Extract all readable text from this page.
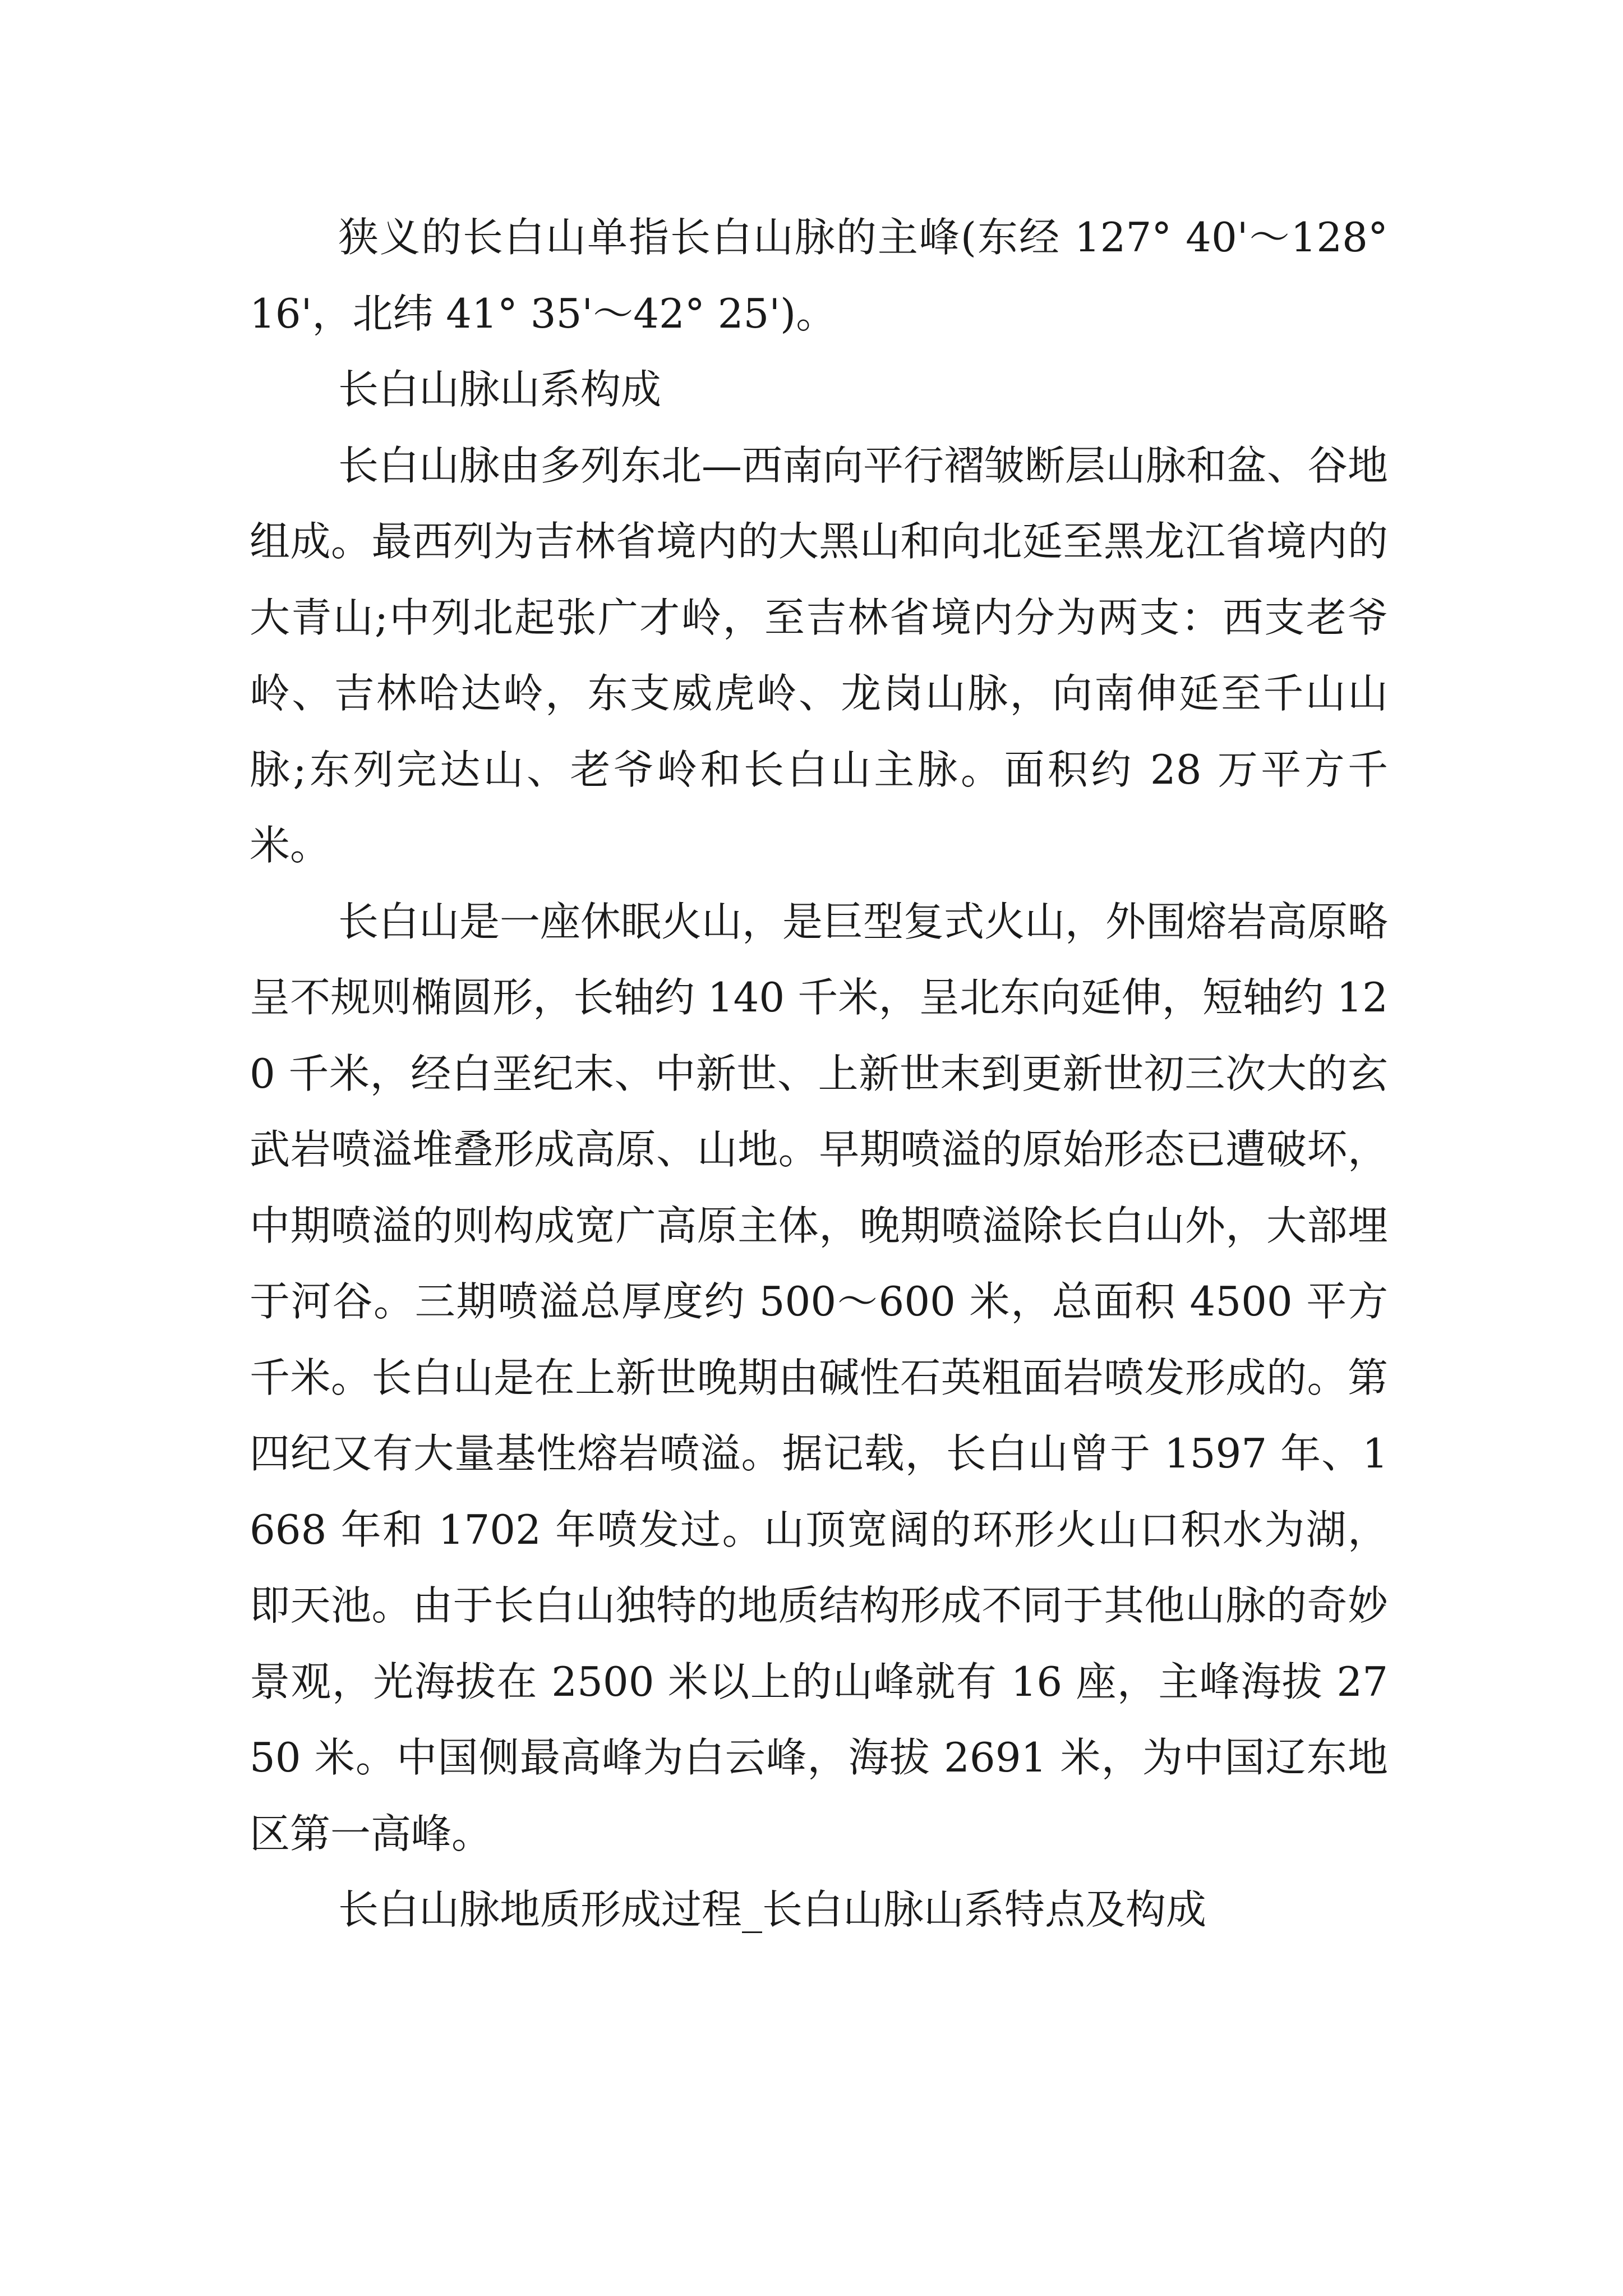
狭义的长白山单指长白山脉的主峰(东经 127° 40'～128° 16'，北纬 41° 35'～42° 25')。

长白山脉山系构成

长白山脉由多列东北—西南向平行褶皱断层山脉和盆、谷地组成。最西列为吉林省境内的大黑山和向北延至黑龙江省境内的大青山;中列北起张广才岭，至吉林省境内分为两支：西支老爷岭、吉林哈达岭，东支威虎岭、龙岗山脉，向南伸延至千山山脉;东列完达山、老爷岭和长白山主脉。面积约 28 万平方千米。

长白山是一座休眠火山，是巨型复式火山，外围熔岩高原略呈不规则椭圆形，长轴约 140 千米，呈北东向延伸，短轴约 120 千米，经白垩纪末、中新世、上新世末到更新世初三次大的玄武岩喷溢堆叠形成高原、山地。早期喷溢的原始形态已遭破坏，中期喷溢的则构成宽广高原主体，晚期喷溢除长白山外，大部埋于河谷。三期喷溢总厚度约 500～600 米，总面积 4500 平方千米。长白山是在上新世晚期由碱性石英粗面岩喷发形成的。第四纪又有大量基性熔岩喷溢。据记载，长白山曾于 1597 年、1668 年和 1702 年喷发过。山顶宽阔的环形火山口积水为湖，即天池。由于长白山独特的地质结构形成不同于其他山脉的奇妙景观，光海拔在 2500 米以上的山峰就有 16 座，主峰海拔 2750 米。中国侧最高峰为白云峰，海拔 2691 米，为中国辽东地区第一高峰。

长白山脉地质形成过程_长白山脉山系特点及构成
